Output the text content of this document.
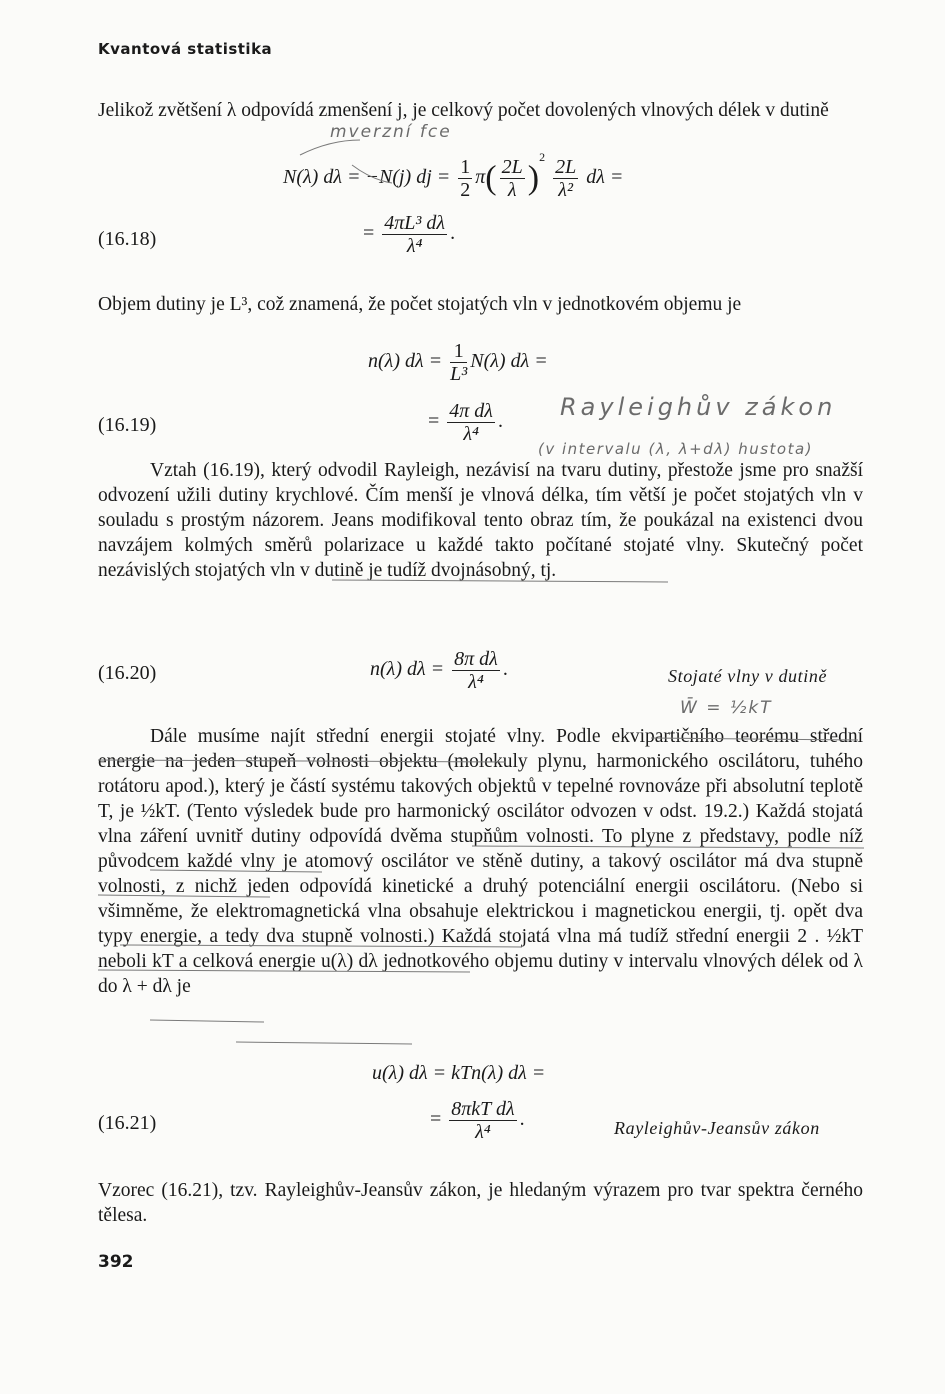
Kvantová statistika
Jelikož zvětšení λ odpovídá zmenšení j, je celkový počet dovolených vlnových délek v dutině
N(λ) dλ = −N(j) dj = $\frac{1}{2} \pi( \frac{2L}{\lambda} )^2 \frac{2L}{\text{λ²}}$ dλ =
(16.18)	= $\frac{\text{4πL³ dλ}}{\text{λ⁴}}$ .
Objem dutiny je L³, což znamená, že počet stojatých vln v jednotkovém objemu je
n(λ) $d\lambda = \frac{1}{\text{L³}} N(\lambda) d\lambda$ =
(16.19)	= $\frac{\text{4π dλ}}{\text{λ⁴}}$ .
Vztah (16.19), který odvodil Rayleigh, nezávisí na tvaru dutiny, přestože jsme pro snažší odvození užili dutiny krychlové. Čím menší je vlnová délka, tím větší je počet stojatých vln v souladu s prostým názorem. Jeans modifikoval tento obraz tím, že poukázal na existenci dvou navzájem kolmých směrů polarizace u každé takto počítané stojaté vlny. Skutečný počet nezávislých stojatých vln v dutině je tudíž dvojnásobný, tj.
(16.20)	n(λ) $d\lambda = \frac{\text{8π dλ}}{\text{λ⁴}}$ .	Stojaté vlny v dutině
Dále musíme najít střední energii stojaté vlny. Podle ekvipartičního teorému střední energie na jeden stupeň volnosti objektu (molekuly plynu, harmonického oscilátoru, tuhého rotátoru apod.), který je částí systému takových objektů v tepelné rovnováze při absolutní teplotě T, je ½kT. (Tento výsledek bude pro harmonický oscilátor odvozen v odst. 19.2.) Každá stojatá vlna záření uvnitř dutiny odpovídá dvěma stupňům volnosti. To plyne z představy, podle níž původcem každé vlny je atomový oscilátor ve stěně dutiny, a takový oscilátor má dva stupně volnosti, z nichž jeden odpovídá kinetické a druhý potenciální energii oscilátoru. (Nebo si všimněme, že elektromagnetická vlna obsahuje elektrickou i magnetickou energii, tj. opět dva typy energie, a tedy dva stupně volnosti.) Každá stojatá vlna má tudíž střední energii 2 . ½kT neboli kT a celková energie u(λ) dλ jednotkového objemu dutiny v intervalu vlnových délek od λ do λ + dλ je
u(λ) dλ = kTn(λ) dλ =
(16.21)	= $\frac{\text{8πkT dλ}}{\text{λ⁴}}$ .	Rayleighův-Jeansův zákon
Vzorec (16.21), tzv. Rayleighův-Jeansův zákon, je hledaným výrazem pro tvar spektra černého tělesa.
392
mverzní fce
Rayleighův zákon
(v intervalu (λ, λ+dλ) hustota)
W̄ = ½kT
